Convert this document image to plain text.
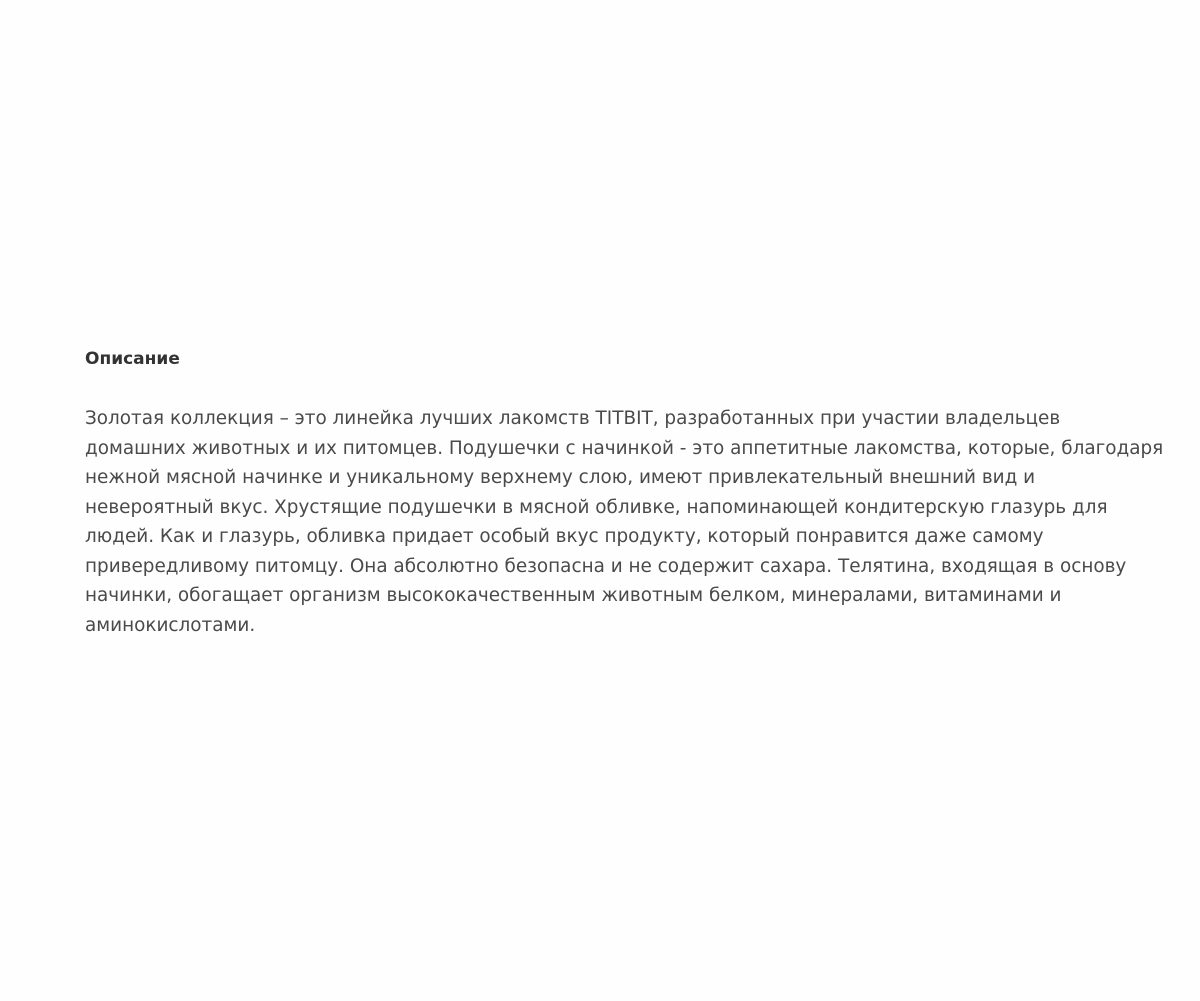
Описание

Золотая коллекция – это линейка лучших лакомств TITBIT, разработанных при участии владельцев
домашних животных и их питомцев. Подушечки с начинкой - это аппетитные лакомства, которые, благодаря
нежной мясной начинке и уникальному верхнему слою, имеют привлекательный внешний вид и
невероятный вкус. Хрустящие подушечки в мясной обливке, напоминающей кондитерскую глазурь для
людей. Как и глазурь, обливка придает особый вкус продукту, который понравится даже самому
привередливому питомцу. Она абсолютно безопасна и не содержит сахара. Телятина, входящая в основу
начинки, обогащает организм высококачественным животным белком, минералами, витаминами и
аминокислотами.
